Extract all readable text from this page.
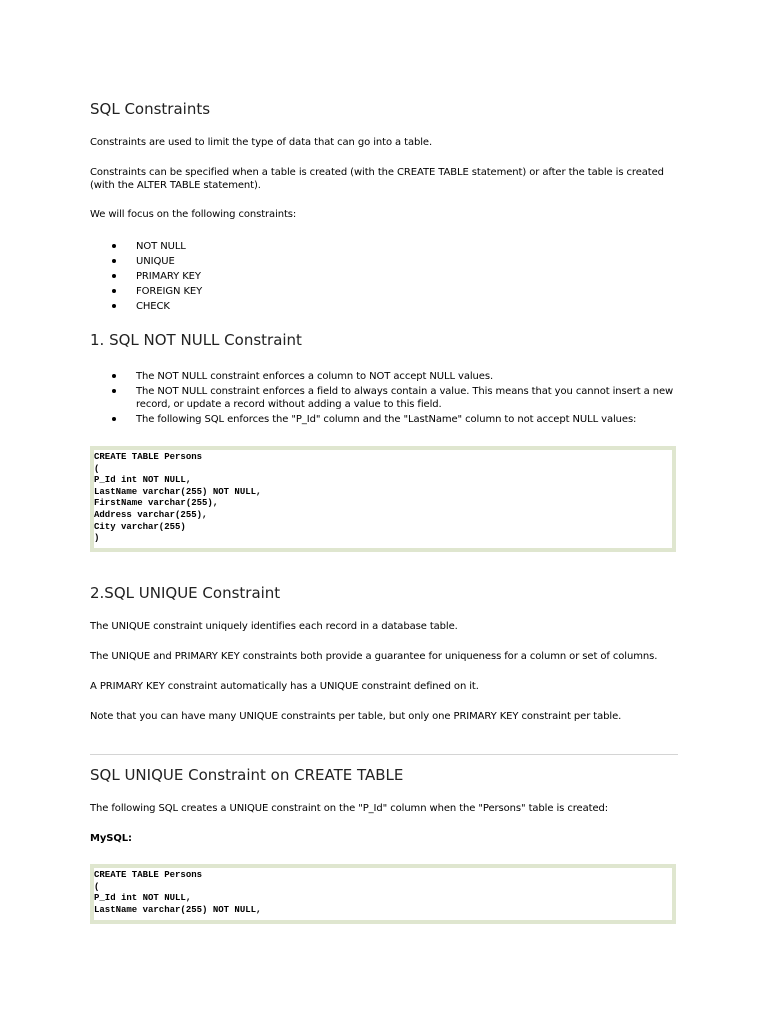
SQL Constraints

Constraints are used to limit the type of data that can go into a table.

Constraints can be specified when a table is created (with the CREATE TABLE statement) or after the table is created (with the ALTER TABLE statement).

We will focus on the following constraints:

NOT NULL
UNIQUE
PRIMARY KEY
FOREIGN KEY
CHECK
1. SQL NOT NULL Constraint
The NOT NULL constraint enforces a column to NOT accept NULL values.
The NOT NULL constraint enforces a field to always contain a value. This means that you cannot insert a new record, or update a record without adding a value to this field.
The following SQL enforces the "P_Id" column and the "LastName" column to not accept NULL values:
CREATE TABLE Persons
(
P_Id int NOT NULL,
LastName varchar(255) NOT NULL,
FirstName varchar(255),
Address varchar(255),
City varchar(255)
)
2.SQL UNIQUE Constraint

The UNIQUE constraint uniquely identifies each record in a database table.

The UNIQUE and PRIMARY KEY constraints both provide a guarantee for uniqueness for a column or set of columns.

A PRIMARY KEY constraint automatically has a UNIQUE constraint defined on it.

Note that you can have many UNIQUE constraints per table, but only one PRIMARY KEY constraint per table.

SQL UNIQUE Constraint on CREATE TABLE

The following SQL creates a UNIQUE constraint on the "P_Id" column when the "Persons" table is created:

MySQL:

CREATE TABLE Persons
(
P_Id int NOT NULL,
LastName varchar(255) NOT NULL,
